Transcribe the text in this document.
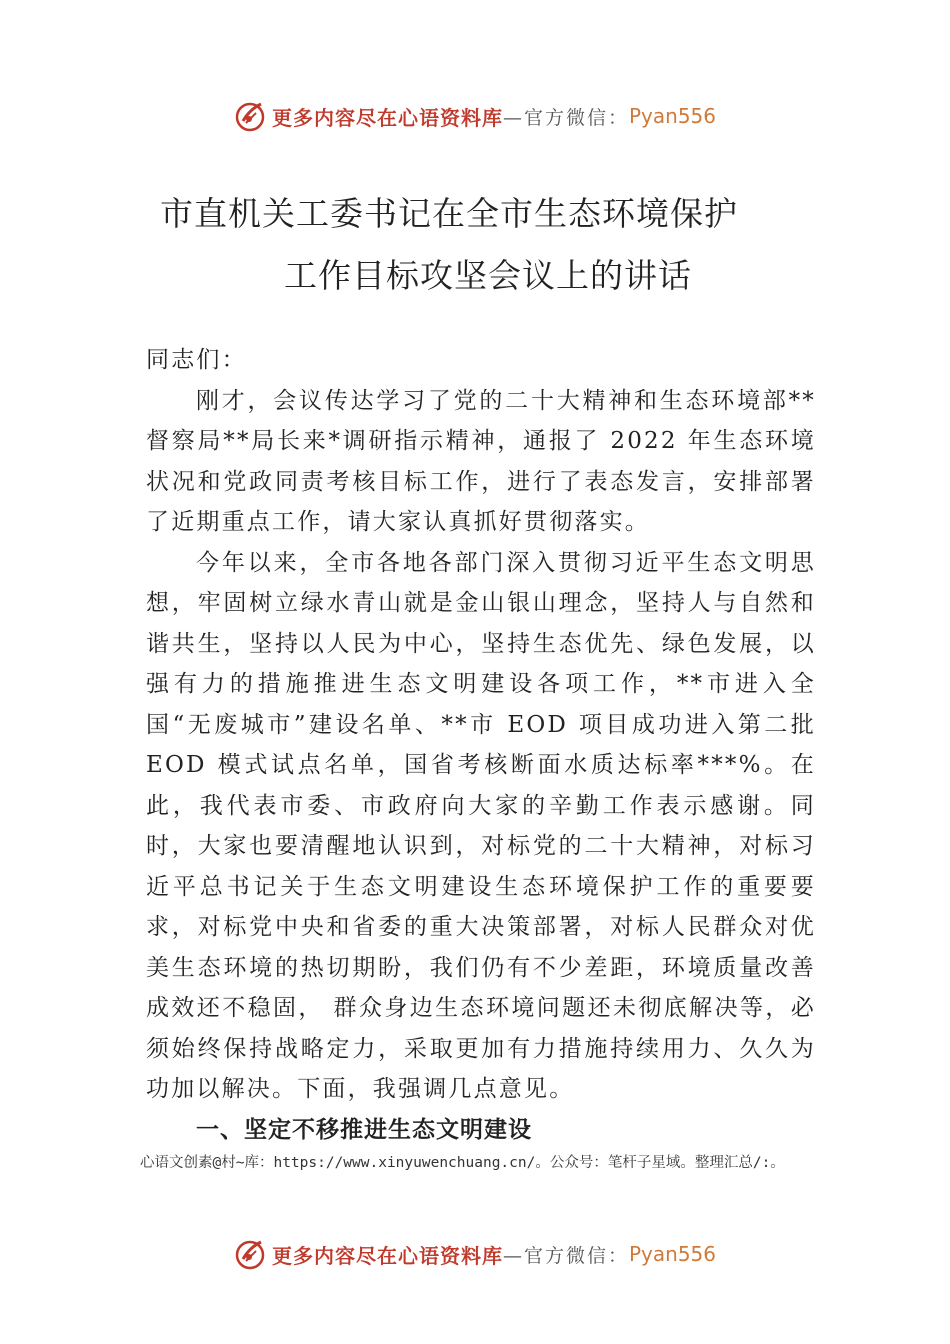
更多内容尽在心语资料库 —官方微信： Pyan556
市直机关工委书记在全市生态环境保护
工作目标攻坚会议上的讲话

同志们：

刚才，会议传达学习了党的二十大精神和生态环境部**督察局**局长来*调研指示精神，通报了 2022 年生态环境状况和党政同责考核目标工作，进行了表态发言，安排部署了近期重点工作，请大家认真抓好贯彻落实。

今年以来，全市各地各部门深入贯彻习近平生态文明思想，牢固树立绿水青山就是金山银山理念，坚持人与自然和谐共生，坚持以人民为中心，坚持生态优先、绿色发展，以强有力的措施推进生态文明建设各项工作，**市进入全国“无废城市”建设名单、**市 EOD 项目成功进入第二批 EOD 模式试点名单，国省考核断面水质达标率***%。在此，我代表市委、市政府向大家的辛勤工作表示感谢。同时，大家也要清醒地认识到，对标党的二十大精神，对标习近平总书记关于生态文明建设生态环境保护工作的重要要求，对标党中央和省委的重大决策部署，对标人民群众对优美生态环境的热切期盼，我们仍有不少差距，环境质量改善成效还不稳固， 群众身边生态环境问题还未彻底解决等，必须始终保持战略定力，采取更加有力措施持续用力、久久为功加以解决。下面，我强调几点意见。

一、坚定不移推进生态文明建设

心语文创素@村~库：https://www.xinyuwenchuang.cn/。公众号：笔杆子星域。整理汇总/:。
更多内容尽在心语资料库 —官方微信： Pyan556
